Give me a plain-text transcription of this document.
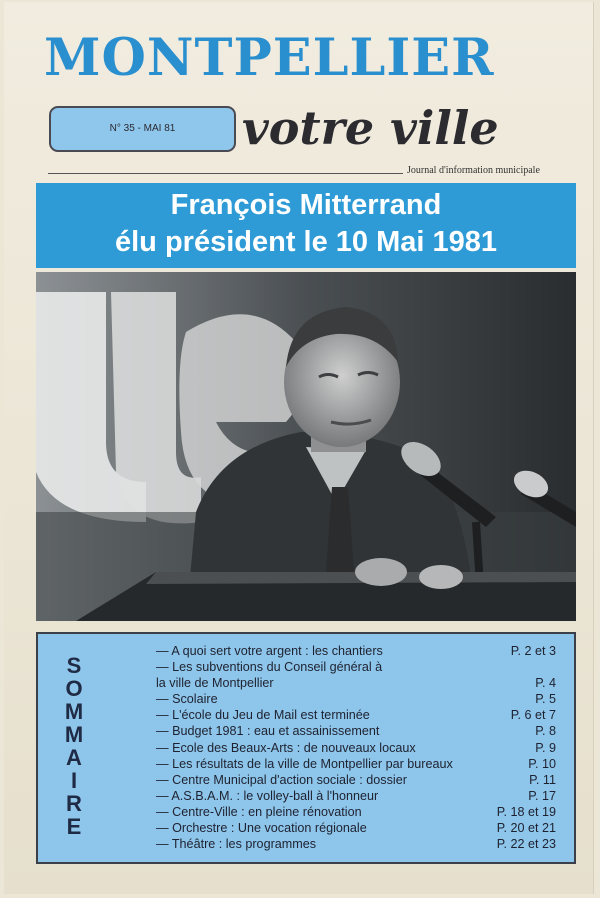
MONTPELLIER
N° 35 - MAI 81	votre ville
Journal d'information municipale
François Mitterrand
élu président le 10 Mai 1981
S
O
M
M
A
I
R
E
— A quoi sert votre argent : les chantiers	P. 2 et 3
— Les subventions du Conseil général à
la ville de Montpellier	P. 4
— Scolaire	P. 5
— L'école du Jeu de Mail est terminée	P. 6 et 7
— Budget 1981 : eau et assainissement	P. 8
— Ecole des Beaux-Arts : de nouveaux locaux	P. 9
— Les résultats de la ville de Montpellier par bureaux	P. 10
— Centre Municipal d'action sociale : dossier	P. 11
— A.S.B.A.M. : le volley-ball à l'honneur	P. 17
— Centre-Ville : en pleine rénovation	P. 18 et 19
— Orchestre : Une vocation régionale	P. 20 et 21
— Théâtre : les programmes	P. 22 et 23
